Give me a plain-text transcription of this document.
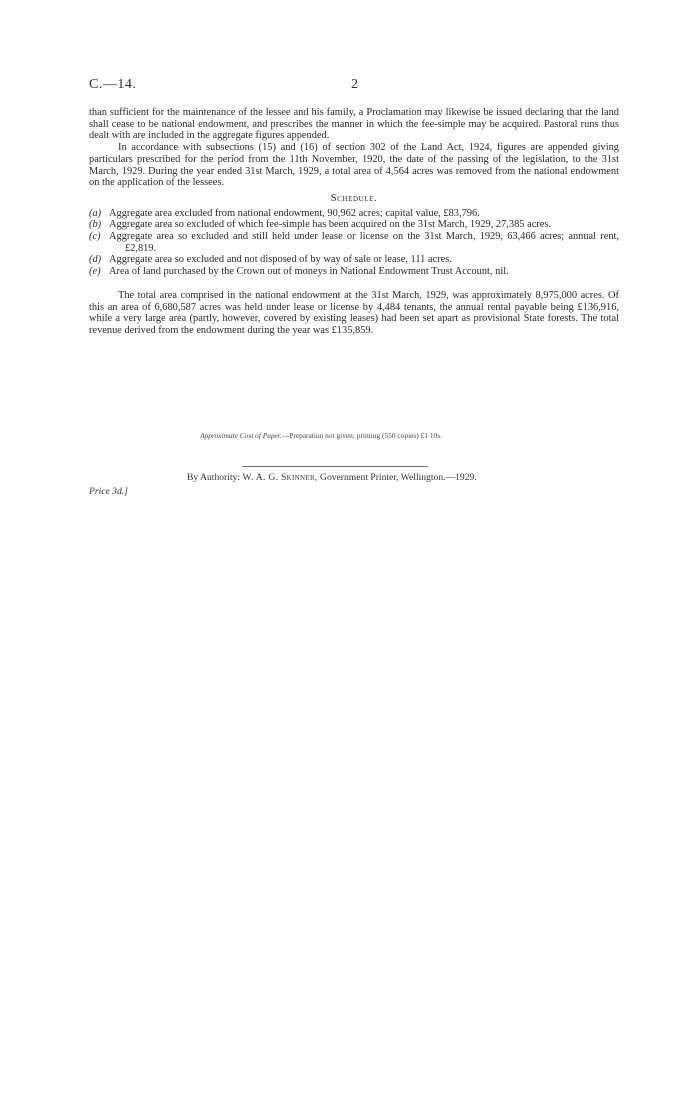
C.—14.	2

than sufficient for the maintenance of the lessee and his family, a Proclamation may likewise be issued declaring that the land shall cease to be national endowment, and prescribes the manner in which the fee-simple may be acquired. Pastoral runs thus dealt with are included in the aggregate figures appended.

In accordance with subsections (15) and (16) of section 302 of the Land Act, 1924, figures are appended giving particulars prescribed for the period from the 11th November, 1920, the date of the passing of the legislation, to the 31st March, 1929. During the year ended 31st March, 1929, a total area of 4,564 acres was removed from the national endowment on the application of the lessees.

Schedule.

(a) Aggregate area excluded from national endowment, 90,962 acres; capital value, £83,796.

(b) Aggregate area so excluded of which fee-simple has been acquired on the 31st March, 1929, 27,385 acres.

(c) Aggregate area so excluded and still held under lease or license on the 31st March, 1929, 63,466 acres; annual rent, £2,819.

(d) Aggregate area so excluded and not disposed of by way of sale or lease, 111 acres.

(e) Area of land purchased by the Crown out of moneys in National Endowment Trust Account, nil.

The total area comprised in the national endowment at the 31st March, 1929, was approximately 8,975,000 acres. Of this an area of 6,680,587 acres was held under lease or license by 4,484 tenants, the annual rental payable being £136,916, while a very large area (partly, however, covered by existing leases) had been set apart as provisional State forests. The total revenue derived from the endowment during the year was £135,859.

Approximate Cost of Paper.—Preparation not given; printing (550 copies) £1 10s.
By Authority: W. A. G. Skinner, Government Printer, Wellington.—1929.
Price 3d.]
